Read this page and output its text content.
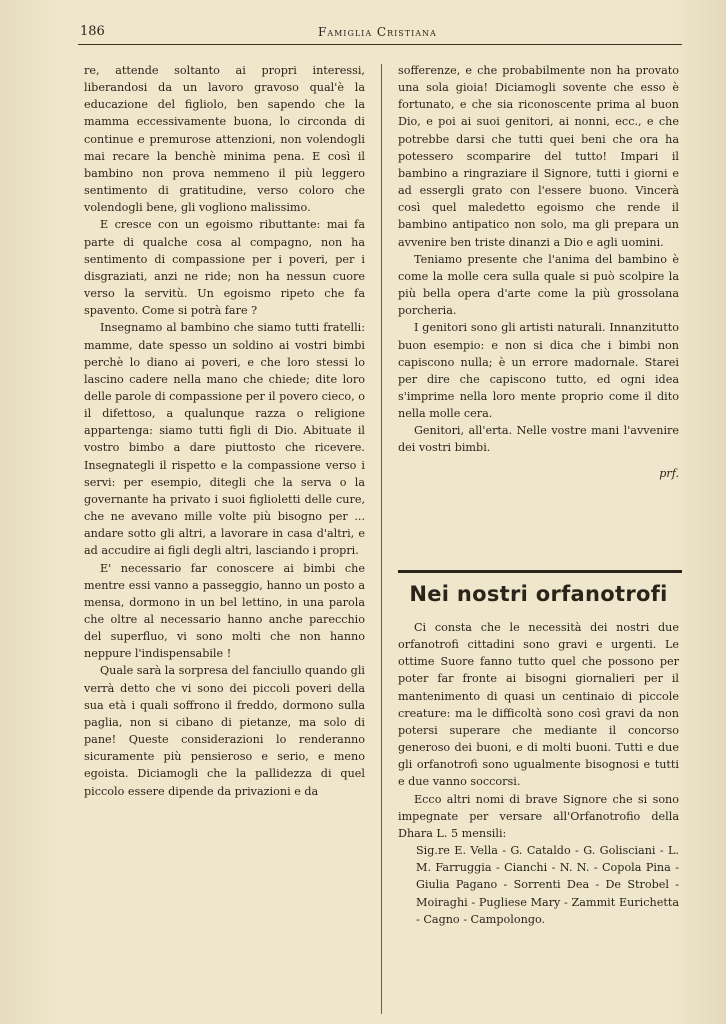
186	Famiglia Cristiana

re, attende soltanto ai propri interessi, liberandosi da un lavoro gravoso qual'è la educazione del figliolo, ben sapendo che la mamma eccessivamente buona, lo circonda di continue e premurose attenzioni, non volendogli mai recare la benchè minima pena. E così il bambino non prova nemmeno il più leggero sentimento di gratitudine, verso coloro che volendogli bene, gli vogliono malissimo.

E cresce con un egoismo ributtante: mai fa parte di qualche cosa al compagno, non ha sentimento di compassione per i poveri, per i disgraziati, anzi ne ride; non ha nessun cuore verso la servitù. Un egoismo ripeto che fa spavento. Come si potrà fare ?

Insegnamo al bambino che siamo tutti fratelli: mamme, date spesso un soldino ai vostri bimbi perchè lo diano ai poveri, e che loro stessi lo lascino cadere nella mano che chiede; dite loro delle parole di compassione per il povero cieco, o il difettoso, a qualunque razza o religione appartenga: siamo tutti figli di Dio. Abituate il vostro bimbo a dare piuttosto che ricevere. Insegnategli il rispetto e la compassione verso i servi: per esempio, ditegli che la serva o la governante ha privato i suoi figlioletti delle cure, che ne avevano mille volte più bisogno per ... andare sotto gli altri, a lavorare in casa d'altri, e ad accudire ai figli degli altri, lasciando i propri.

E' necessario far conoscere ai bimbi che mentre essi vanno a passeggio, hanno un posto a mensa, dormono in un bel lettino, in una parola che oltre al necessario hanno anche parecchio del superfluo, vi sono molti che non hanno neppure l'indispensabile !

Quale sarà la sorpresa del fanciullo quando gli verrà detto che vi sono dei piccoli poveri della sua età i quali soffrono il freddo, dormono sulla paglia, non si cibano di pietanze, ma solo di pane! Queste considerazioni lo renderanno sicuramente più pensieroso e serio, e meno egoista. Diciamogli che la pallidezza di quel piccolo essere dipende da privazioni e da

sofferenze, e che probabilmente non ha provato una sola gioia! Diciamogli soventе che esso è fortunato, e che sia riconoscente prima al buon Dio, e poi ai suoi genitori, ai nonni, ecc., e che potrebbe darsi che tutti quei beni che ora ha potessero scomparire del tutto! Impari il bambino a ringraziare il Signore, tutti i giorni e ad essergli grato con l'essere buono. Vincerà così quel maledetto egoismo che rende il bambino antipatico non solo, ma gli prepara un avvenire ben triste dinanzi a Dio e agli uomini.

Teniamo presente che l'anima del bambino è come la molle cera sulla quale si può scolpire la più bella opera d'arte come la più grossolana porcheria.

I genitori sono gli artisti naturali. Innanzitutto buon esempio: e non si dica che i bimbi non capiscono nulla; è un errore madornale. Starei per dire che capiscono tutto, ed ogni idea s'imprime nella loro mente proprio come il dito nella molle cera.

Genitori, all'erta. Nelle vostre mani l'avvenire dei vostri bimbi.

prf.

Nei nostri orfanotrofi

Ci consta che le necessità dei nostri due orfanotrofi cittadini sono gravi e urgenti. Le ottime Suore fanno tutto quel che possono per poter far fronte ai bisogni giornalieri per il mantenimento di quasi un centinaio di piccole creature: ma le difficoltà sono così gravi da non potersi superare che mediante il concorso generoso dei buoni, e di molti buoni. Tutti e due gli orfanotrofi sono ugualmente bisognosi e tutti e due vanno soccorsi.

Ecco altri nomi di brave Signore che si sono impegnate per versare all'Orfanotrofio della Dhara L. 5 mensili:

Sig.re E. Vella - G. Cataldo - G. Golisciani - L. M. Farruggia - Cianchi - N. N. - Copola Pina - Giulia Pagano - Sorrenti Dea - De Strobel - Moiraghi - Pugliese Mary - Zammit Eurichetta - Cagno - Campolongo.
